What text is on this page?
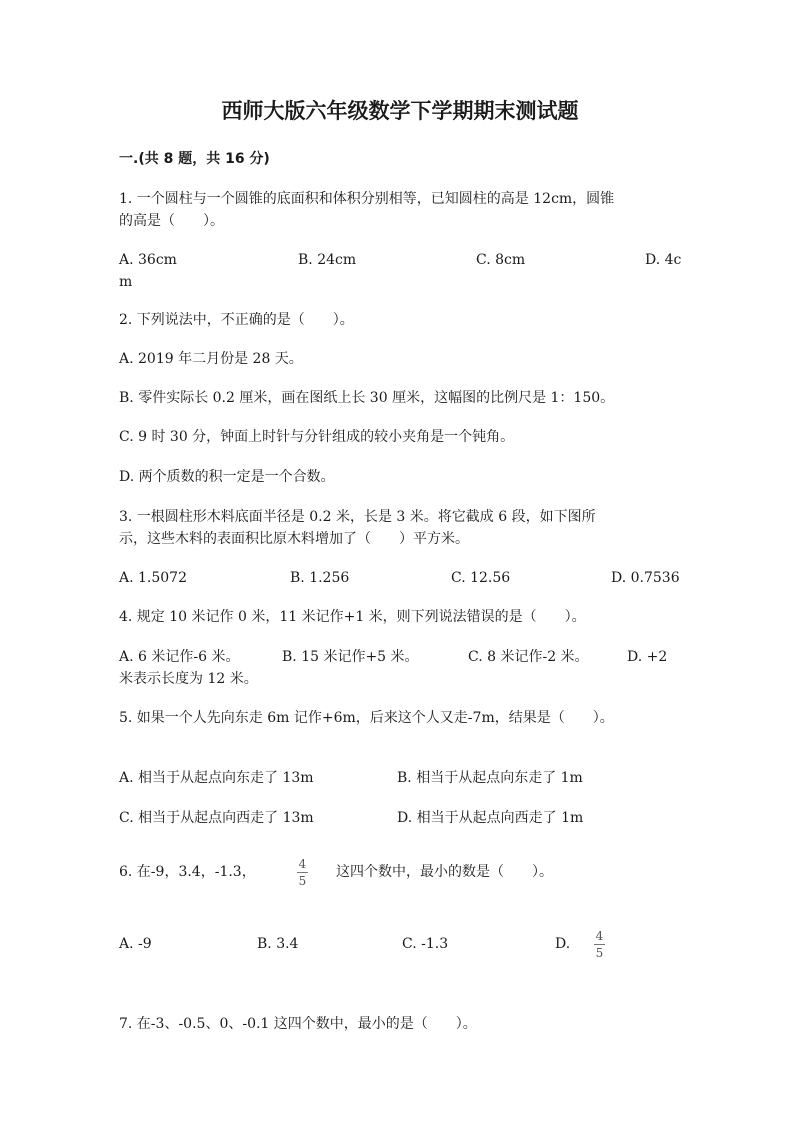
西师大版六年级数学下学期期末测试题
一.(共 8 题，共 16 分)
1. 一个圆柱与一个圆锥的底面积和体积分别相等，已知圆柱的高是 12cm，圆锥
的高是（　　）。
A. 36cm	B. 24cm	C. 8cm	D. 4c
m
2. 下列说法中，不正确的是（　　）。
A. 2019 年二月份是 28 天。
B. 零件实际长 0.2 厘米，画在图纸上长 30 厘米，这幅图的比例尺是 1：150。
C. 9 时 30 分，钟面上时针与分针组成的较小夹角是一个钝角。
D. 两个质数的积一定是一个合数。
3. 一根圆柱形木料底面半径是 0.2 米，长是 3 米。将它截成 6 段，如下图所
示，这些木料的表面积比原木料增加了（　　）平方米。
A. 1.5072	B. 1.256	C. 12.56	D. 0.7536
4. 规定 10 米记作 0 米，11 米记作+1 米，则下列说法错误的是（　　）。
A. 6 米记作-6 米。	B. 15 米记作+5 米。	C. 8 米记作-2 米。	D. +2
米表示长度为 12 米。
5. 如果一个人先向东走 6m 记作+6m，后来这个人又走-7m，结果是（　　）。
A. 相当于从起点向东走了 13m	B. 相当于从起点向东走了 1m
C. 相当于从起点向西走了 13m	D. 相当于从起点向西走了 1m
6. 在-9，3.4，-1.3，	4
5
这四个数中，最小的数是（　　）。
A. -9	B. 3.4	C. -1.3	D. 4
5
7. 在-3、-0.5、0、-0.1 这四个数中，最小的是（　　）。
